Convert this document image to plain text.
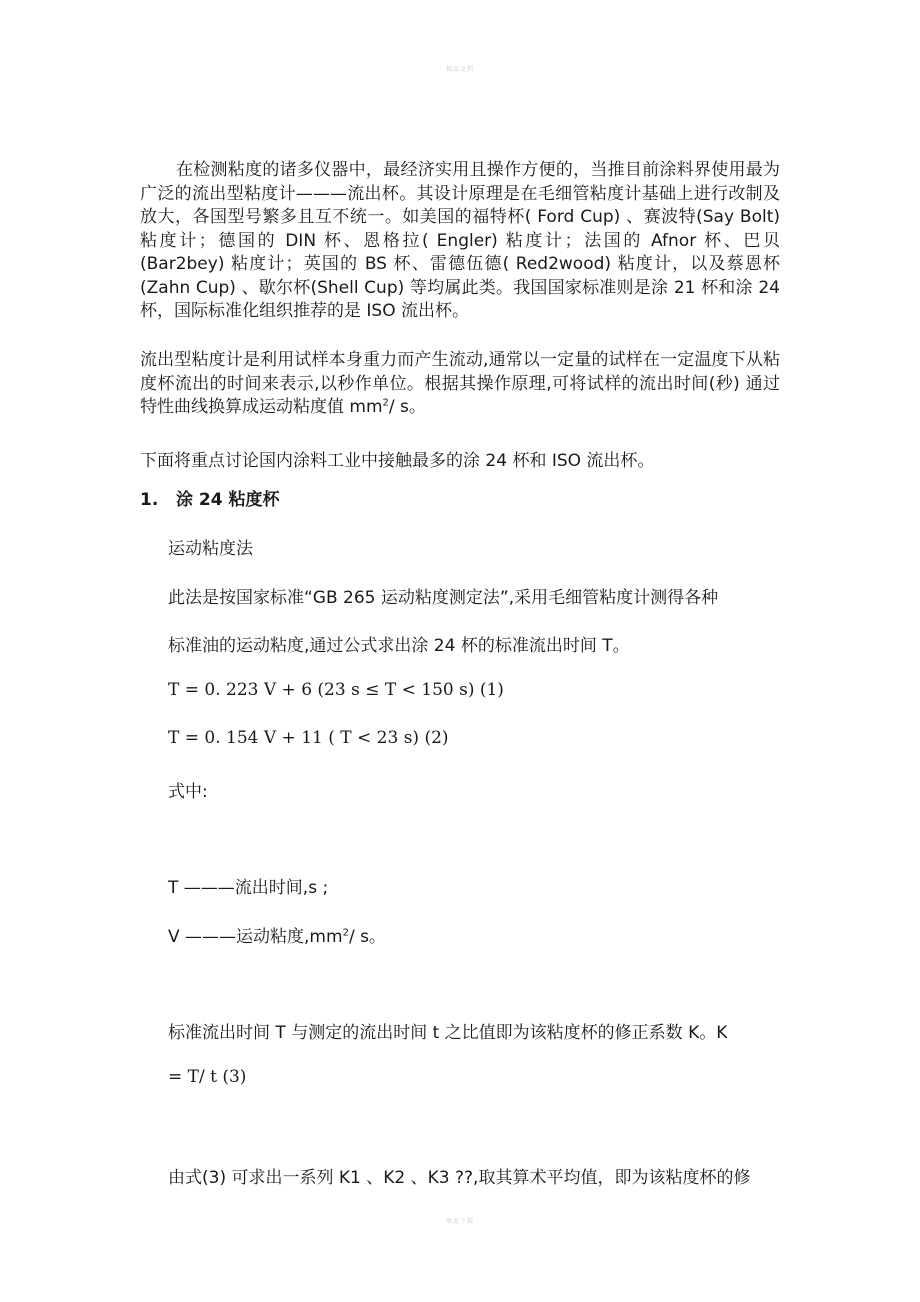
精品文档

在检测粘度的诸多仪器中，最经济实用且操作方便的，当推目前涂料界使用最为广泛的流出型粘度计———流出杯。其设计原理是在毛细管粘度计基础上进行改制及放大，各国型号繁多且互不统一。如美国的福特杯( Ford Cup) 、赛波特(Say Bolt) 粘度计；德国的 DIN 杯、恩格拉( Engler) 粘度计；法国的 Afnor 杯、巴贝(Bar2bey) 粘度计；英国的 BS 杯、雷德伍德( Red2wood) 粘度计，以及蔡恩杯(Zahn Cup) 、歇尔杯(Shell Cup) 等均属此类。我国国家标准则是涂 21 杯和涂 24 杯，国际标准化组织推荐的是 ISO 流出杯。

流出型粘度计是利用试样本身重力而产生流动,通常以一定量的试样在一定温度下从粘度杯流出的时间来表示,以秒作单位。根据其操作原理,可将试样的流出时间(秒) 通过特性曲线换算成运动粘度值 $mm^2/$ s。

下面将重点讨论国内涂料工业中接触最多的涂 24 杯和 ISO 流出杯。

1. 涂 24 粘度杯

运动粘度法

此法是按国家标准“GB 265 运动粘度测定法”,采用毛细管粘度计测得各种

标准油的运动粘度,通过公式求出涂 24 杯的标准流出时间 T。

T = 0. 223 V + 6 (23 s ≤ T < 150 s) (1)

T = 0. 154 V + 11 ( T < 23 s) (2)

式中:

T ———流出时间,s ;

V ———运动粘度$,mm^2/$ s。

标准流出时间 T 与测定的流出时间 t 之比值即为该粘度杯的修正系数 K。K

= T/ t (3)

由式(3) 可求出一系列 K1 、K2 、K3 ??,取其算术平均值，即为该粘度杯的修

欢迎下载
